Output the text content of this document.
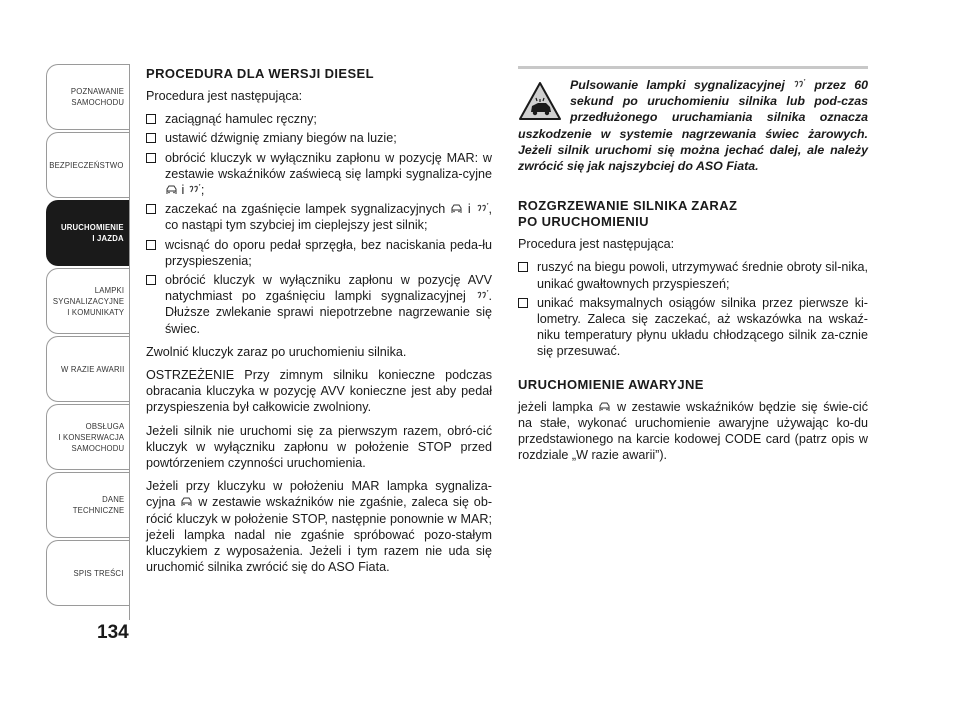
POZNAWANIE
SAMOCHODU
BEZPIECZEŃSTWO
URUCHOMIENIE
I JAZDA
LAMPKI
SYGNALIZACYJNE
I KOMUNIKATY
W RAZIE AWARII
OBSŁUGA
I KONSERWACJA
SAMOCHODU
DANE
TECHNICZNE
SPIS TREŚCI
134
PROCEDURA DLA WERSJI DIESEL

Procedura jest następująca:

zaciągnąć hamulec ręczny;
ustawić dźwignię zmiany biegów na luzie;
obrócić kluczyk w wyłączniku zapłonu w pozycję MAR: w zestawie wskaźników zaświecą się lampki sygnaliza-cyjne  i ;
zaczekać na zgaśnięcie lampek sygnalizacyjnych i , co nastąpi tym szybciej im cieplejszy jest silnik;
wcisnąć do oporu pedał sprzęgła, bez naciskania peda-łu przyspieszenia;
obrócić kluczyk w wyłączniku zapłonu w pozycję AVV natychmiast po zgaśnięciu lampki sygnalizacyjnej . Dłuższe zwlekanie sprawi niepotrzebne nagrzewanie się świec.

Zwolnić kluczyk zaraz po uruchomieniu silnika.

OSTRZEŻENIE Przy zimnym silniku konieczne podczas obracania kluczyka w pozycję AVV konieczne jest aby pedał przyspieszenia był całkowicie zwolniony.

Jeżeli silnik nie uruchomi się za pierwszym razem, obró-cić kluczyk w wyłączniku zapłonu w położenie STOP przed powtórzeniem czynności uruchomienia.

Jeżeli przy kluczyku w położeniu MAR lampka sygnaliza-cyjna w zestawie wskaźników nie zgaśnie, zaleca się ob-rócić kluczyk w położenie STOP, następnie ponownie w MAR; jeżeli lampka nadal nie zgaśnie spróbować pozo-stałym kluczykiem z wyposażenia. Jeżeli i tym razem nie uda się uruchomić silnika zwrócić się do ASO Fiata.

Pulsowanie lampki sygnalizacyjnej przez 60 sekund po uruchomieniu silnika lub pod-czas przedłużonego uruchamiania silnika oznacza uszkodzenie w systemie nagrzewania świec żarowych. Jeżeli silnik uruchomi się można jechać dalej, ale należy zwrócić się jak najszybciej do ASO Fiata.
ROZGRZEWANIE SILNIKA ZARAZ
PO URUCHOMIENIU

Procedura jest następująca:

ruszyć na biegu powoli, utrzymywać średnie obroty sil-nika, unikać gwałtownych przyspieszeń;
unikać maksymalnych osiągów silnika przez pierwsze ki-lometry. Zaleca się zaczekać, aż wskazówka na wskaź-niku temperatury płynu układu chłodzącego silnik za-cznie się przesuwać.
URUCHOMIENIE AWARYJNE

jeżeli lampka w zestawie wskaźników będzie się świe-cić na stałe, wykonać uruchomienie awaryjne używając ko-du przedstawionego na karcie kodowej CODE card (patrz opis w rozdziale „W razie awarii”).
